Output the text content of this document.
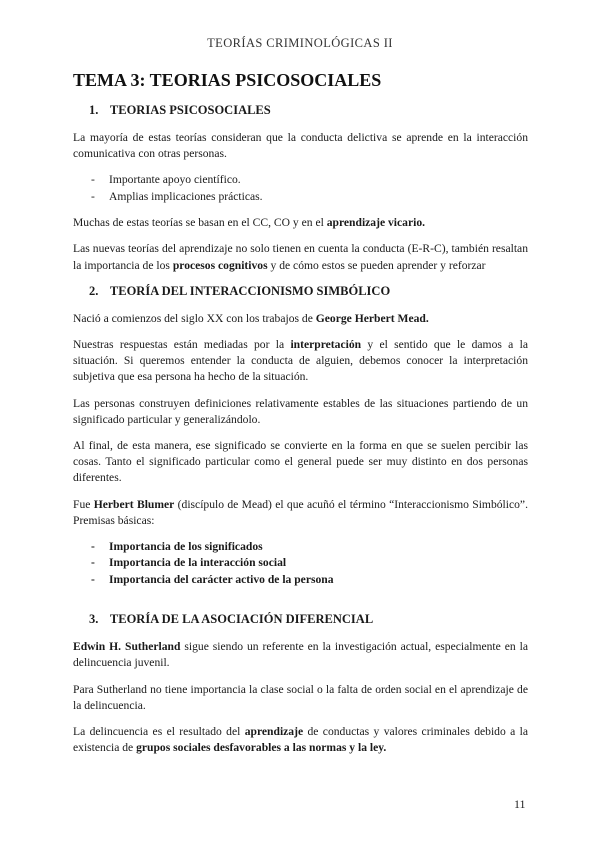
TEORÍAS CRIMINOLÓGICAS II
TEMA 3: TEORIAS PSICOSOCIALES
1. TEORIAS PSICOSOCIALES

La mayoría de estas teorías consideran que la conducta delictiva se aprende en la interacción comunicativa con otras personas.

- Importante apoyo científico.
- Amplias implicaciones prácticas.

Muchas de estas teorías se basan en el CC, CO y en el aprendizaje vicario.

Las nuevas teorías del aprendizaje no solo tienen en cuenta la conducta (E-R-C), también resaltan la importancia de los procesos cognitivos y de cómo estos se pueden aprender y reforzar

2. TEORÍA DEL INTERACCIONISMO SIMBÓLICO

Nació a comienzos del siglo XX con los trabajos de George Herbert Mead.

Nuestras respuestas están mediadas por la interpretación y el sentido que le damos a la situación. Si queremos entender la conducta de alguien, debemos conocer la interpretación subjetiva que esa persona ha hecho de la situación.

Las personas construyen definiciones relativamente estables de las situaciones partiendo de un significado particular y generalizándolo.

Al final, de esta manera, ese significado se convierte en la forma en que se suelen percibir las cosas. Tanto el significado particular como el general puede ser muy distinto en dos personas diferentes.

Fue Herbert Blumer (discípulo de Mead) el que acuñó el término “Interaccionismo Simbólico”. Premisas básicas:

- Importancia de los significados
- Importancia de la interacción social
- Importancia del carácter activo de la persona
3. TEORÍA DE LA ASOCIACIÓN DIFERENCIAL

Edwin H. Sutherland sigue siendo un referente en la investigación actual, especialmente en la delincuencia juvenil.

Para Sutherland no tiene importancia la clase social o la falta de orden social en el aprendizaje de la delincuencia.

La delincuencia es el resultado del aprendizaje de conductas y valores criminales debido a la existencia de grupos sociales desfavorables a las normas y la ley.

11
